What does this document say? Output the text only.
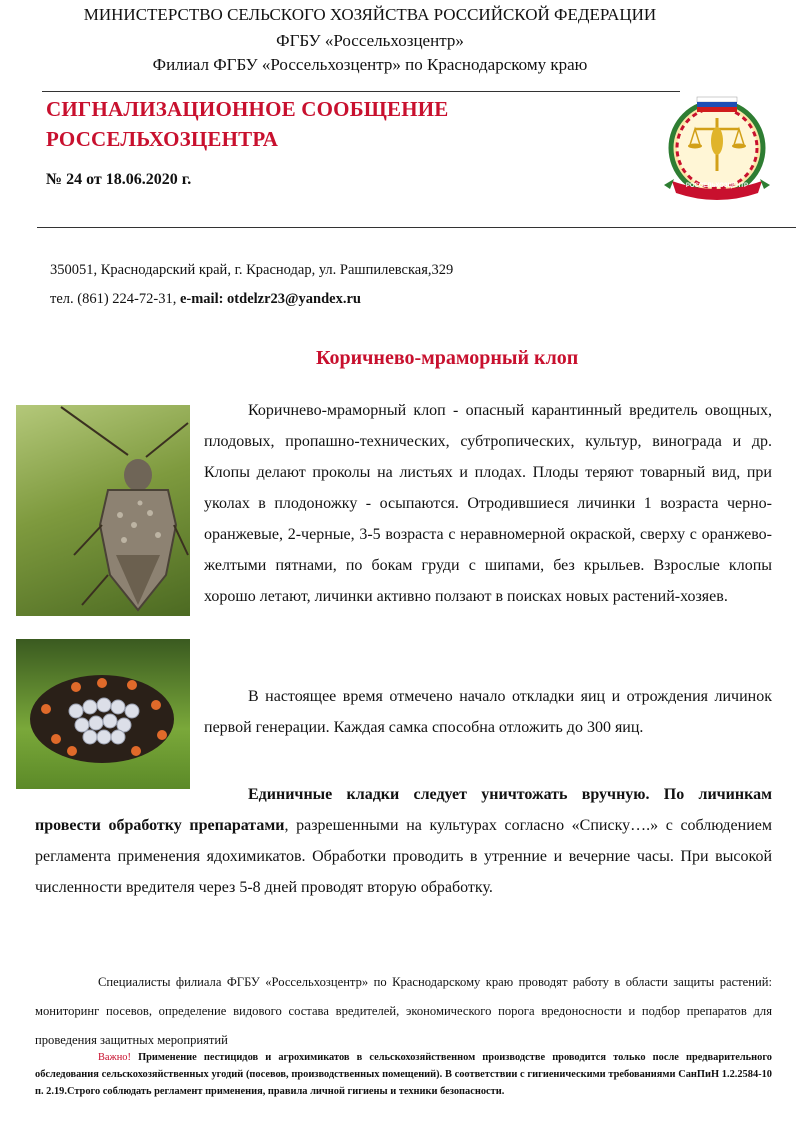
МИНИСТЕРСТВО СЕЛЬСКОГО ХОЗЯЙСТВА РОССИЙСКОЙ ФЕДЕРАЦИИ
ФГБУ «Россельхозцентр»
Филиал ФГБУ «Россельхозцентр» по Краснодарскому краю
СИГНАЛИЗАЦИОННОЕ СООБЩЕНИЕ
РОССЕЛЬХОЗЦЕНТРА
№ 24 от 18.06.2020 г.	РОССЕЛЬХОЗЦЕНТР
350051, Краснодарский край, г. Краснодар, ул. Рашпилевская,329
тел. (861) 224-72-31, e-mail: otdelzr23@yandex.ru
Коричнево-мраморный клоп
Коричнево-мраморный клоп - опасный карантинный вредитель овощных, плодовых, пропашно-технических, субтропических, культур, винограда и др. Клопы делают проколы на листьях и плодах. Плоды теряют товарный вид, при уколах в плодоножку - осыпаются. Отродившиеся личинки 1 возраста черно-оранжевые, 2-черные, 3-5 возраста с неравномерной окраской, сверху с оранжево-желтыми пятнами, по бокам груди с шипами, без крыльев. Взрослые клопы хорошо летают, личинки активно ползают в поисках новых растений-хозяев.
В настоящее время отмечено начало откладки яиц и отрождения личинок первой генерации. Каждая самка способна отложить до 300 яиц.
Единичные кладки следует уничтожать вручную. По личинкам провести обработку препаратами, разрешенными на культурах согласно «Списку….» с соблюдением регламента применения ядохимикатов. Обработки проводить в утренние и вечерние часы. При высокой численности вредителя через 5-8 дней проводят вторую обработку.
Специалисты филиала ФГБУ «Россельхозцентр» по Краснодарскому краю проводят работу в области защиты растений: мониторинг посевов, определение видового состава вредителей, экономического порога вредоносности и подбор препаратов для проведения защитных мероприятий
Важно! Применение пестицидов и агрохимикатов в сельскохозяйственном производстве проводится только после предварительного обследования сельскохозяйственных угодий (посевов, производственных помещений). В соответствии с гигиеническими требованиями СанПиН 1.2.2584-10 п. 2.19.Строго соблюдать регламент применения, правила личной гигиены и техники безопасности.
